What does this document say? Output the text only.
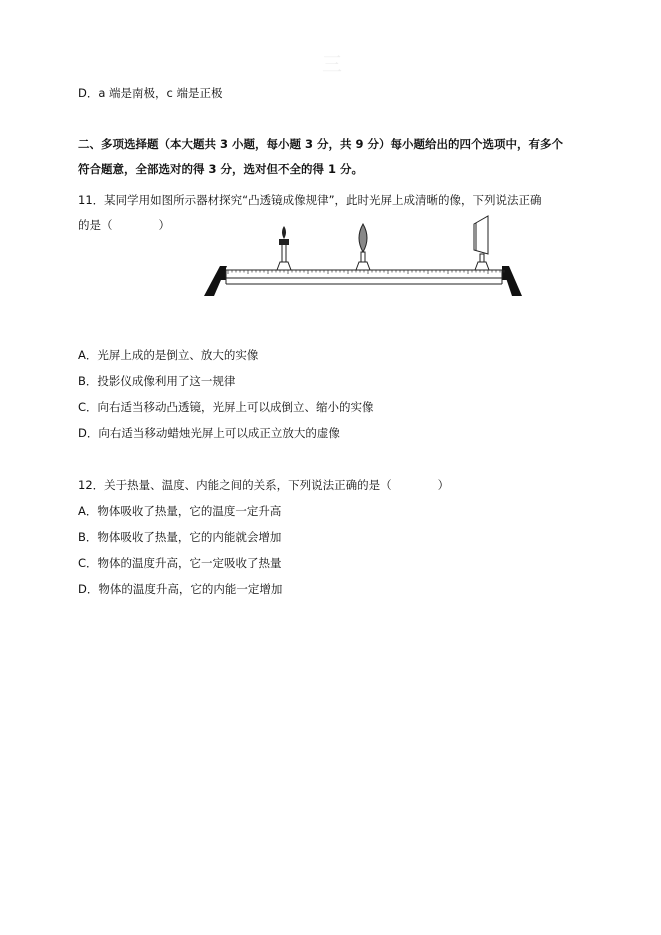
三
D．a 端是南极，c 端是正极
二、多项选择题（本大题共 3 小题，每小题 3 分，共 9 分）每小题给出的四个选项中，有多个
符合题意，全部选对的得 3 分，选对但不全的得 1 分。
11．某同学用如图所示器材探究“凸透镜成像规律”，此时光屏上成清晰的像，下列说法正确
的是（　　　　）
A．光屏上成的是倒立、放大的实像
B．投影仪成像利用了这一规律
C．向右适当移动凸透镜，光屏上可以成倒立、缩小的实像
D．向右适当移动蜡烛光屏上可以成正立放大的虚像
12．关于热量、温度、内能之间的关系，下列说法正确的是（　　　　）
A．物体吸收了热量，它的温度一定升高
B．物体吸收了热量，它的内能就会增加
C．物体的温度升高，它一定吸收了热量
D．物体的温度升高，它的内能一定增加
